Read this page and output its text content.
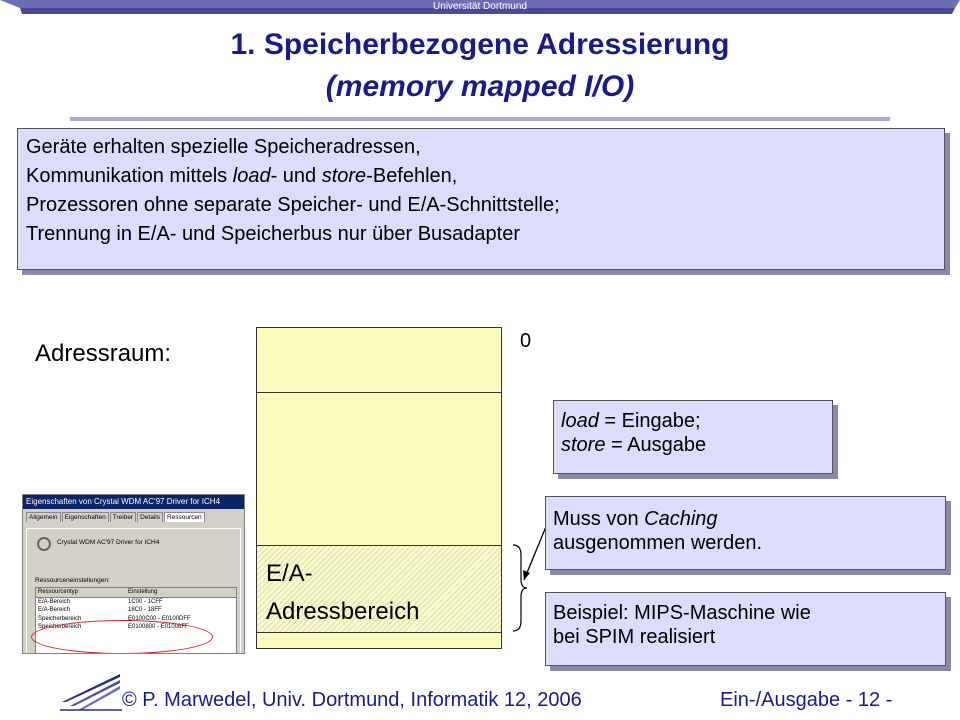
Universität Dortmund
1. Speicherbezogene Adressierung
(memory mapped I/O)
Geräte erhalten spezielle Speicheradressen,
Kommunikation mittels load- und store-Befehlen,
Prozessoren ohne separate Speicher- und E/A-Schnittstelle;
Trennung in E/A- und Speicherbus nur über Busadapter
Adressraum:
E/A-
Adressbereich
0
load = Eingabe;
store = Ausgabe
Muss von Caching
ausgenommen werden.
Beispiel: MIPS-Maschine wie
bei SPIM realisiert
Eigenschaften von Crystal WDM AC'97 Driver for ICH4
Allgemein	Eigenschaften	Treiber	Details	Ressourcen
Crystal WDM AC'97 Driver for ICH4
Ressourceneinstellungen:
Ressourcentyp	Einstellung
E/A-Bereich	1C00 - 1CFF
E/A-Bereich	18C0 - 18FF
Speicherbereich	E0100C00 - E0100DFF
Speicherbereich	E0100800 - E01008FF
© P. Marwedel, Univ. Dortmund, Informatik 12, 2006	Ein-/Ausgabe - 12 -
